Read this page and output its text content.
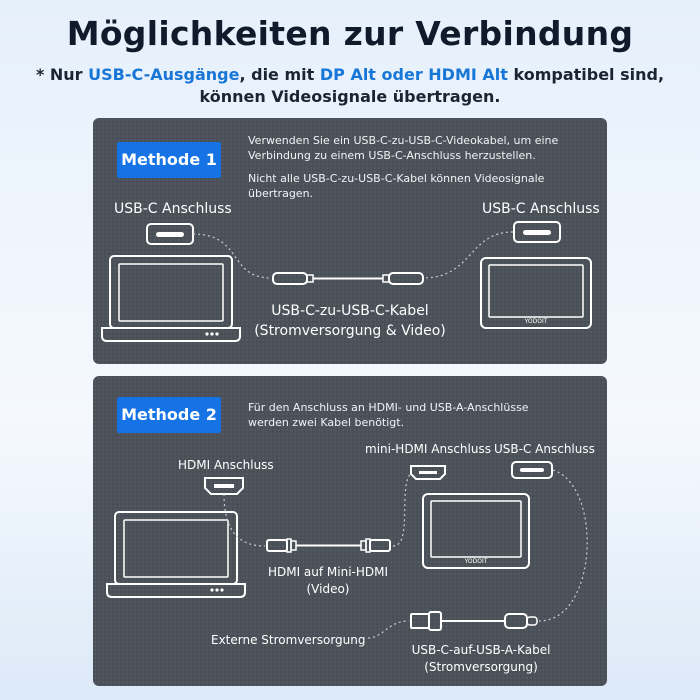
Möglichkeiten zur Verbindung
* Nur USB-C-Ausgänge, die mit DP Alt oder HDMI Alt kompatibel sind,
können Videosignale übertragen.
Methode 1
Verwenden Sie ein USB-C-zu-USB-C-Videokabel, um eine
Verbindung zu einem USB-C-Anschluss herzustellen.
Nicht alle USB-C-zu-USB-C-Kabel können Videosignale
übertragen.
USB-C Anschluss	USB-C Anschluss
USB-C-zu-USB-C-Kabel
(Stromversorgung & Video)
YODOIT
Methode 2	Für den Anschluss an HDMI- und USB-A-Anschlüsse
werden zwei Kabel benötigt.
HDMI Anschluss
mini-HDMI Anschluss USB-C Anschluss
HDMI auf Mini-HDMI
(Video)
Externe Stromversorgung
USB-C-auf-USB-A-Kabel
(Stromversorgung)
YODOIT
